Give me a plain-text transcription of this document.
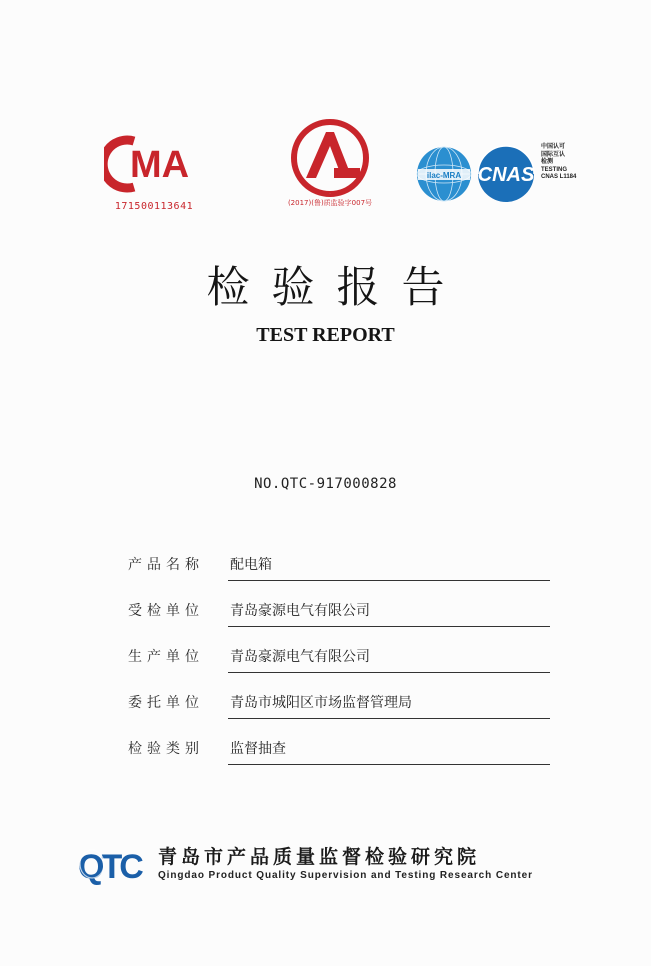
MA
171500113641
AL
(2017)(鲁)质监验字007号
ilac-MRA CNAS
中国认可
国际互认
检测
TESTING
CNAS L1184
检验报告
TEST REPORT
NO.QTC-917000828
产品名称	配电箱
受检单位	青岛豪源电气有限公司
生产单位	青岛豪源电气有限公司
委托单位	青岛市城阳区市场监督管理局
检验类别	监督抽查
QTC 青岛市产品质量监督检验研究院
Qingdao Product Quality Supervision and Testing Research Center
